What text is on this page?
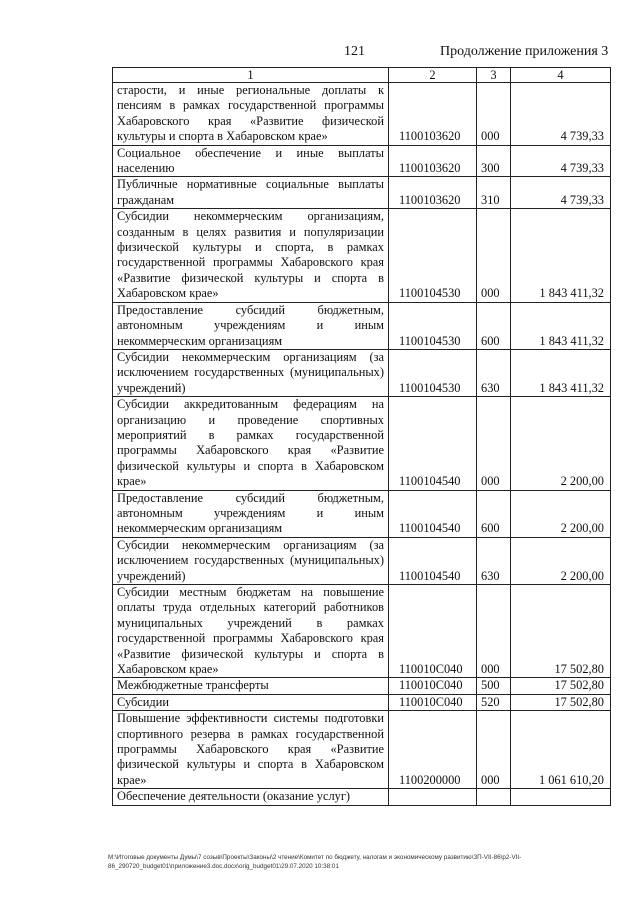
121	Продолжение приложения 3
1	2	3	4
старости, и иные региональные доплаты к пенсиям в рамках государственной программы Хабаровского края «Развитие физической культуры и спорта в Хабаровском крае»	1100103620	000	4 739,33
Социальное обеспечение и иные выплаты населению	1100103620	300	4 739,33
Публичные нормативные социальные выплаты гражданам	1100103620	310	4 739,33
Субсидии некоммерческим организациям, созданным в целях развития и популяризации физической культуры и спорта, в рамках государственной программы Хабаровского края «Развитие физической культуры и спорта в Хабаровском крае»	1100104530	000	1 843 411,32
Предоставление субсидий бюджетным, автономным учреждениям и иным некоммерческим организациям	1100104530	600	1 843 411,32
Субсидии некоммерческим организациям (за исключением государственных (муниципальных) учреждений)	1100104530	630	1 843 411,32
Субсидии аккредитованным федерациям на организацию и проведение спортивных мероприятий в рамках государственной программы Хабаровского края «Развитие физической культуры и спорта в Хабаровском крае»	1100104540	000	2 200,00
Предоставление субсидий бюджетным, автономным учреждениям и иным некоммерческим организациям	1100104540	600	2 200,00
Субсидии некоммерческим организациям (за исключением государственных (муниципальных) учреждений)	1100104540	630	2 200,00
Субсидии местным бюджетам на повышение оплаты труда отдельных категорий работников муниципальных учреждений в рамках государственной программы Хабаровского края «Развитие физической культуры и спорта в Хабаровском крае»	110010С040	000	17 502,80
Межбюджетные трансферты	110010С040	500	17 502,80
Субсидии	110010С040	520	17 502,80
Повышение эффективности системы подготовки спортивного резерва в рамках государственной программы Хабаровского края «Развитие физической культуры и спорта в Хабаровском крае»	1100200000	000	1 061 610,20
Обеспечение деятельности (оказание услуг)			
M:\Итоговые документы Думы\7 созыв\Проекты\Законы\2 чтение\Комитет по бюджету, налогам и экономическому развитию\ЗП-VII-86\р2-VII-86_290720_budget01\приложение3.doc.docx\orig_budget01\29.07.2020 10:38:01
